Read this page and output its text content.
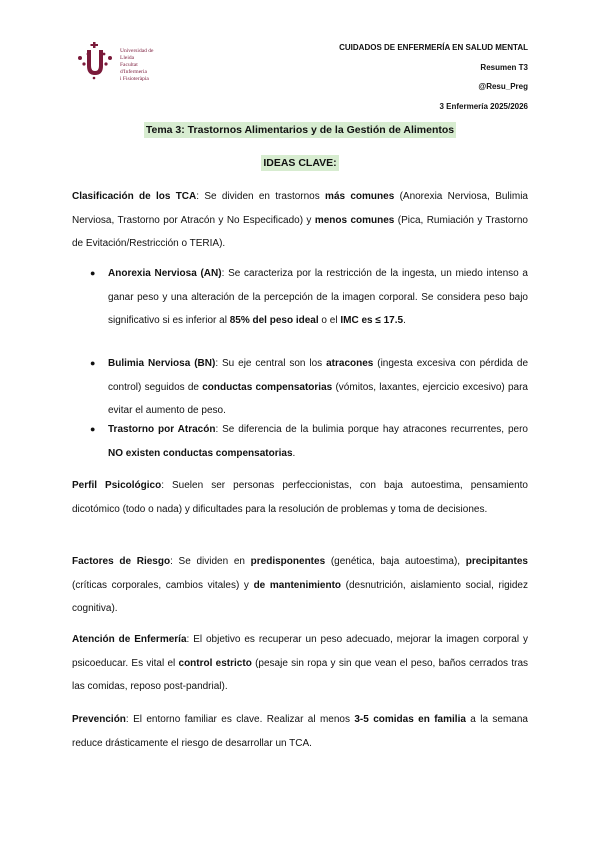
Universidad de Lleida
Facultat d'Infermeria
i Fisioteràpia
CUIDADOS DE ENFERMERÍA EN SALUD MENTAL
Resumen T3
@Resu_Preg
3 Enfermería 2025/2026
Tema 3: Trastornos Alimentarios y de la Gestión de Alimentos
IDEAS CLAVE:
Clasificación de los TCA: Se dividen en trastornos más comunes (Anorexia Nerviosa, Bulimia Nerviosa, Trastorno por Atracón y No Especificado) y menos comunes (Pica, Rumiación y Trastorno de Evitación/Restricción o TERIA).
● Anorexia Nerviosa (AN): Se caracteriza por la restricción de la ingesta, un miedo intenso a ganar peso y una alteración de la percepción de la imagen corporal. Se considera peso bajo significativo si es inferior al 85% del peso ideal o el IMC es ≤ 17.5.
● Bulimia Nerviosa (BN): Su eje central son los atracones (ingesta excesiva con pérdida de control) seguidos de conductas compensatorias (vómitos, laxantes, ejercicio excesivo) para evitar el aumento de peso.
● Trastorno por Atracón: Se diferencia de la bulimia porque hay atracones recurrentes, pero NO existen conductas compensatorias.
Perfil Psicológico: Suelen ser personas perfeccionistas, con baja autoestima, pensamiento dicotómico (todo o nada) y dificultades para la resolución de problemas y toma de decisiones.
Factores de Riesgo: Se dividen en predisponentes (genética, baja autoestima), precipitantes (críticas corporales, cambios vitales) y de mantenimiento (desnutrición, aislamiento social, rigidez cognitiva).
Atención de Enfermería: El objetivo es recuperar un peso adecuado, mejorar la imagen corporal y psicoeducar. Es vital el control estricto (pesaje sin ropa y sin que vean el peso, baños cerrados tras las comidas, reposo post-pandrial).
Prevención: El entorno familiar es clave. Realizar al menos 3-5 comidas en familia a la semana reduce drásticamente el riesgo de desarrollar un TCA.
